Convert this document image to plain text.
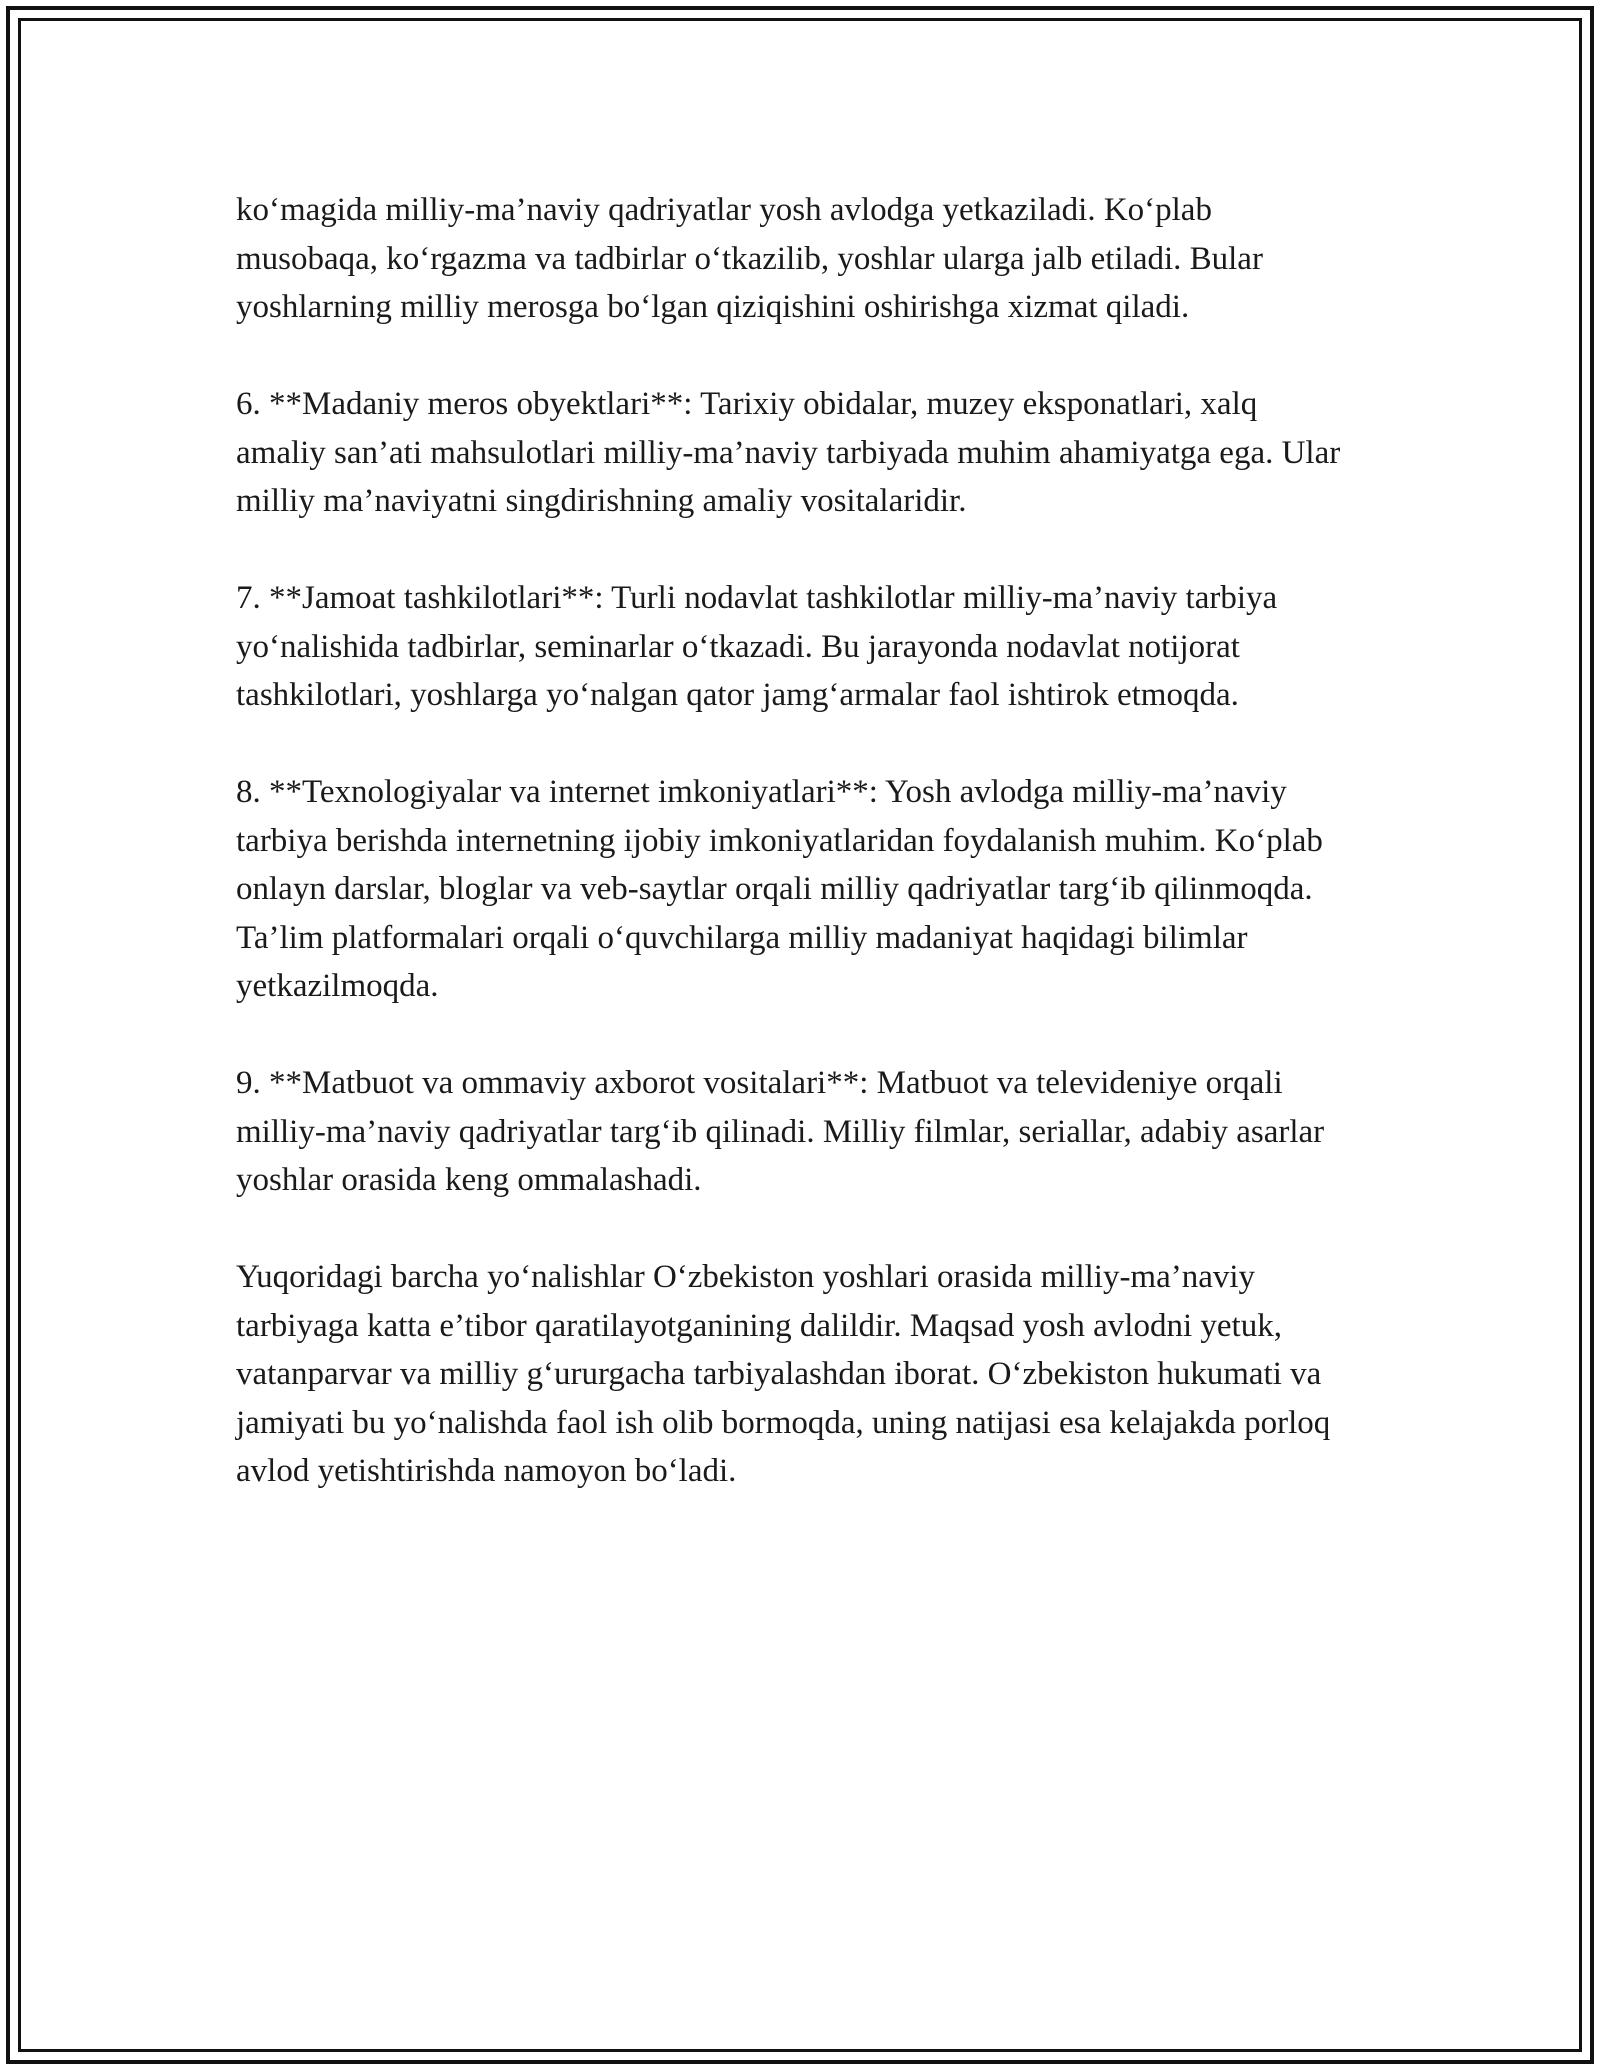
ko‘magida milliy-ma’naviy qadriyatlar yosh avlodga yetkaziladi. Ko‘plab musobaqa, ko‘rgazma va tadbirlar o‘tkazilib, yoshlar ularga jalb etiladi. Bular yoshlarning milliy merosga bo‘lgan qiziqishini oshirishga xizmat qiladi.

6. **Madaniy meros obyektlari**: Tarixiy obidalar, muzey eksponatlari, xalq amaliy san’ati mahsulotlari milliy-ma’naviy tarbiyada muhim ahamiyatga ega. Ular milliy ma’naviyatni singdirishning amaliy vositalaridir.

7. **Jamoat tashkilotlari**: Turli nodavlat tashkilotlar milliy-ma’naviy tarbiya yo‘nalishida tadbirlar, seminarlar o‘tkazadi. Bu jarayonda nodavlat notijorat tashkilotlari, yoshlarga yo‘nalgan qator jamg‘armalar faol ishtirok etmoqda.

8. **Texnologiyalar va internet imkoniyatlari**: Yosh avlodga milliy-ma’naviy tarbiya berishda internetning ijobiy imkoniyatlaridan foydalanish muhim. Ko‘plab onlayn darslar, bloglar va veb-saytlar orqali milliy qadriyatlar targ‘ib qilinmoqda. Ta’lim platformalari orqali o‘quvchilarga milliy madaniyat haqidagi bilimlar yetkazilmoqda.

9. **Matbuot va ommaviy axborot vositalari**: Matbuot va televideniye orqali milliy-ma’naviy qadriyatlar targ‘ib qilinadi. Milliy filmlar, seriallar, adabiy asarlar yoshlar orasida keng ommalashadi.

Yuqoridagi barcha yo‘nalishlar O‘zbekiston yoshlari orasida milliy-ma’naviy tarbiyaga katta e’tibor qaratilayotganining dalildir. Maqsad yosh avlodni yetuk, vatanparvar va milliy g‘ururgacha tarbiyalashdan iborat. O‘zbekiston hukumati va jamiyati bu yo‘nalishda faol ish olib bormoqda, uning natijasi esa kelajakda porloq avlod yetishtirishda namoyon bo‘ladi.
